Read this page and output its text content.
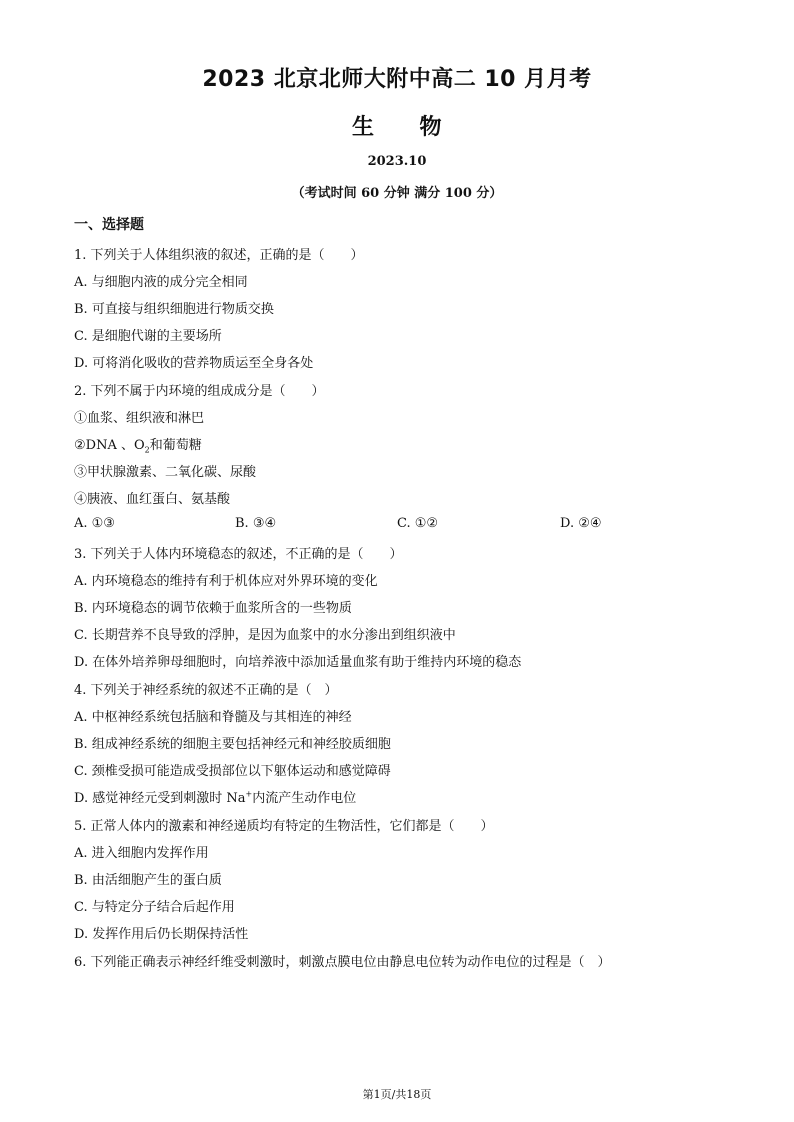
2023 北京北师大附中高二 10 月月考
生　　物
2023.10
（考试时间 60 分钟 满分 100 分）
一、选择题
1. 下列关于人体组织液的叙述，正确的是（　　）
A. 与细胞内液的成分完全相同
B. 可直接与组织细胞进行物质交换
C. 是细胞代谢的主要场所
D. 可将消化吸收的营养物质运至全身各处
2. 下列不属于内环境的组成成分是（　　）
①血浆、组织液和淋巴
②DNA 、$O_2$和葡萄糖
③甲状腺激素、二氧化碳、尿酸
④胰液、血红蛋白、氨基酸
A. ①③	B. ③④	C. ①②	D. ②④
3. 下列关于人体内环境稳态的叙述，不正确的是（　　）
A. 内环境稳态的维持有利于机体应对外界环境的变化
B. 内环境稳态的调节依赖于血浆所含的一些物质
C. 长期营养不良导致的浮肿，是因为血浆中的水分渗出到组织液中
D. 在体外培养卵母细胞时，向培养液中添加适量血浆有助于维持内环境的稳态
4. 下列关于神经系统的叙述不正确的是（　）
A. 中枢神经系统包括脑和脊髓及与其相连的神经
B. 组成神经系统的细胞主要包括神经元和神经胶质细胞
C. 颈椎受损可能造成受损部位以下躯体运动和感觉障碍
D. 感觉神经元受到刺激时 Na+内流产生动作电位
5. 正常人体内的激素和神经递质均有特定的生物活性，它们都是（　　）
A. 进入细胞内发挥作用
B. 由活细胞产生的蛋白质
C. 与特定分子结合后起作用
D. 发挥作用后仍长期保持活性
6. 下列能正确表示神经纤维受刺激时，刺激点膜电位由静息电位转为动作电位的过程是（　）
第1页/共18页
